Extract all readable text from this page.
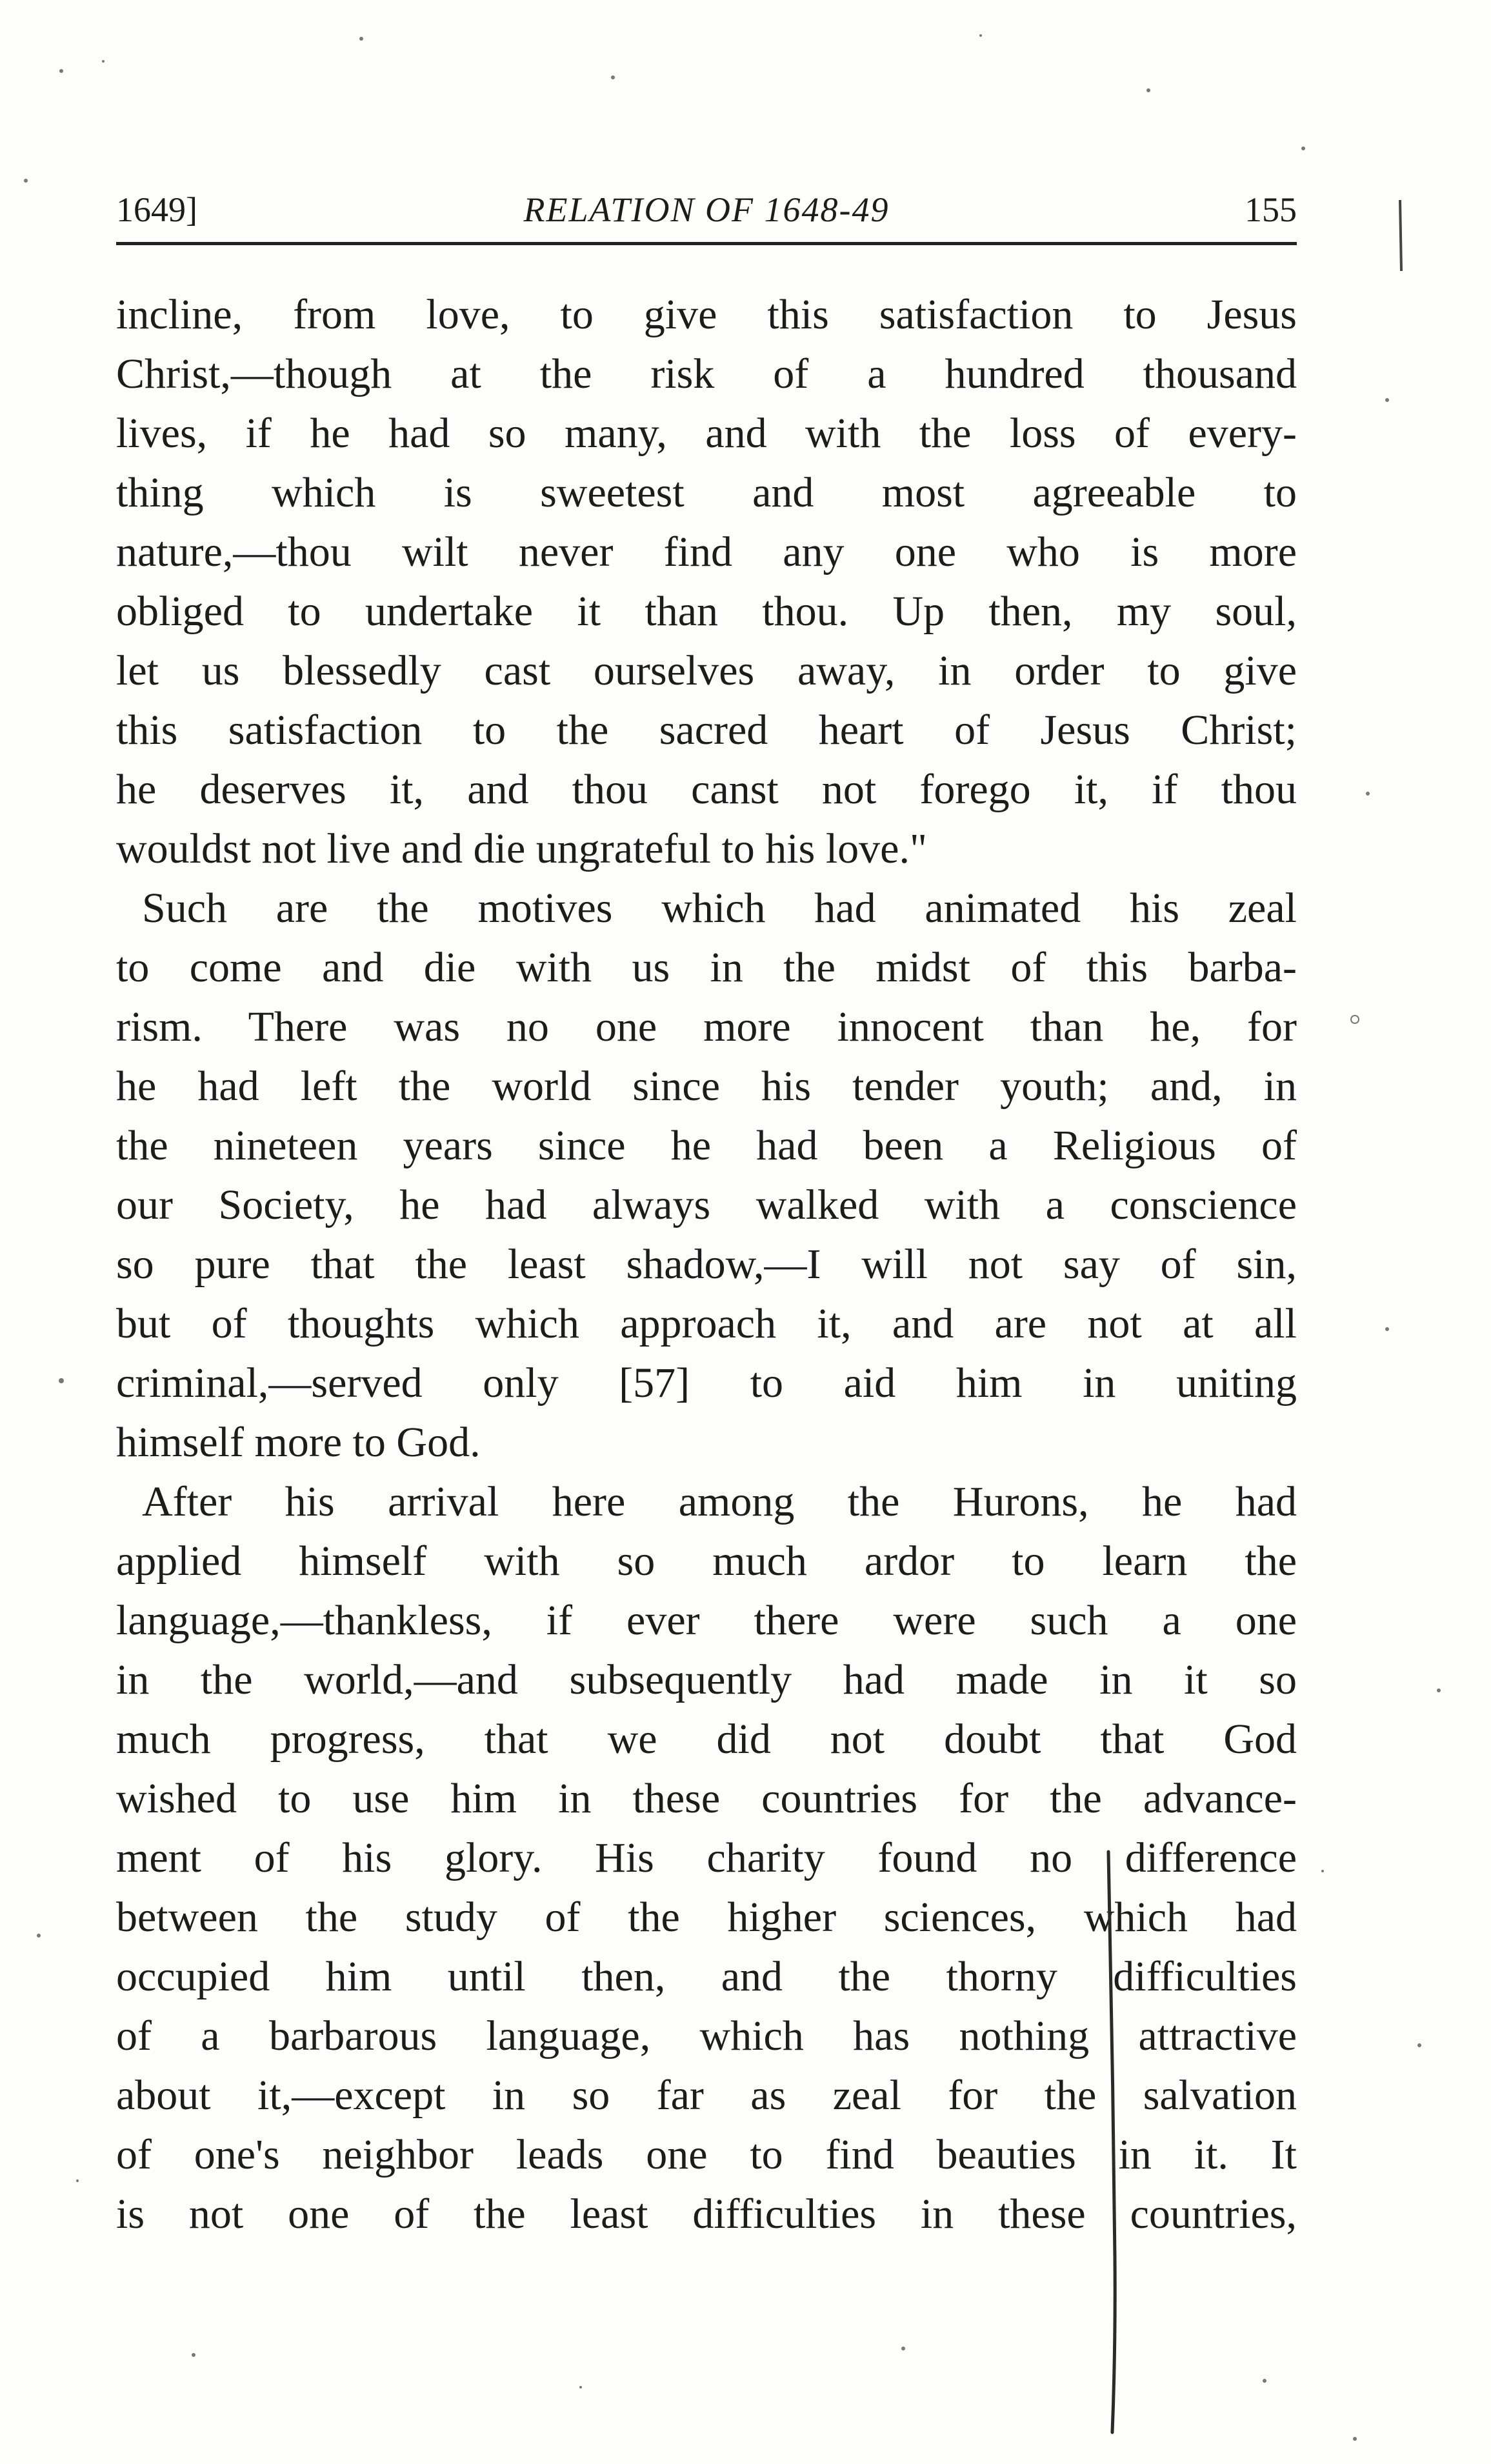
1649]	RELATION OF 1648-49	155
incline, from love, to give this satisfaction to Jesus
Christ,—though at the risk of a hundred thousand
lives, if he had so many, and with the loss of every-
thing which is sweetest and most agreeable to
nature,—thou wilt never find any one who is more
obliged to undertake it than thou. Up then, my soul,
let us blessedly cast ourselves away, in order to give
this satisfaction to the sacred heart of Jesus Christ;
he deserves it, and thou canst not forego it, if thou
wouldst not live and die ungrateful to his love."
Such are the motives which had animated his zeal
to come and die with us in the midst of this barba-
rism. There was no one more innocent than he, for
he had left the world since his tender youth; and, in
the nineteen years since he had been a Religious of
our Society, he had always walked with a conscience
so pure that the least shadow,—I will not say of sin,
but of thoughts which approach it, and are not at all
criminal,—served only [57] to aid him in uniting
himself more to God.
After his arrival here among the Hurons, he had
applied himself with so much ardor to learn the
language,—thankless, if ever there were such a one
in the world,—and subsequently had made in it so
much progress, that we did not doubt that God
wished to use him in these countries for the advance-
ment of his glory. His charity found no difference
between the study of the higher sciences, which had
occupied him until then, and the thorny difficulties
of a barbarous language, which has nothing attractive
about it,—except in so far as zeal for the salvation
of one's neighbor leads one to find beauties in it. It
is not one of the least difficulties in these countries,
